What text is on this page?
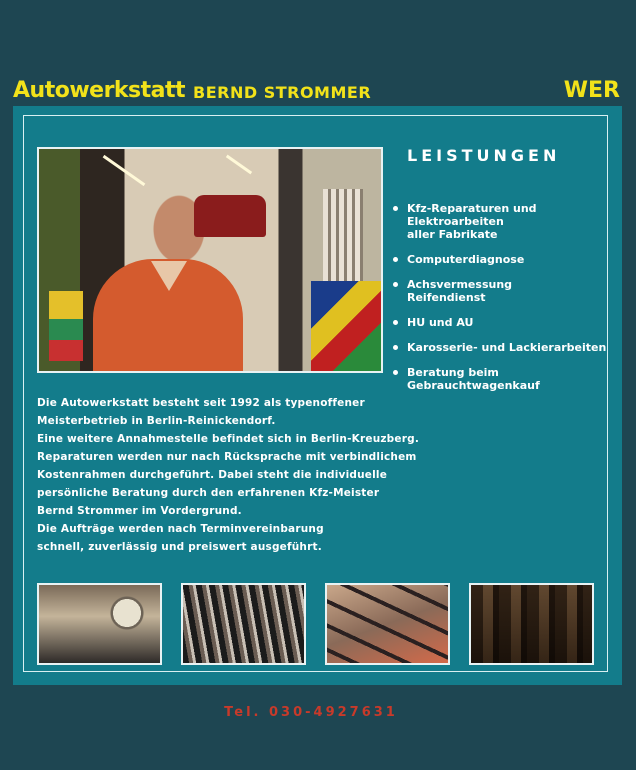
Autowerkstatt BERND STROMMER	WER
LEISTUNGEN
Kfz-Reparaturen und Elektroarbeiten
aller Fabrikate
Computerdiagnose
Achsvermessung
Reifendienst
HU und AU
Karosserie- und Lackierarbeiten
Beratung beim Gebrauchtwagenkauf
Die Autowerkstatt besteht seit 1992 als typenoffener
Meisterbetrieb in Berlin-Reinickendorf.
Eine weitere Annahmestelle befindet sich in Berlin-Kreuzberg.
Reparaturen werden nur nach Rücksprache mit verbindlichem
Kostenrahmen durchgeführt. Dabei steht die individuelle
persönliche Beratung durch den erfahrenen Kfz-Meister
Bernd Strommer im Vordergrund.
Die Aufträge werden nach Terminvereinbarung
schnell, zuverlässig und preiswert ausgeführt.
Tel. 030-4927631
